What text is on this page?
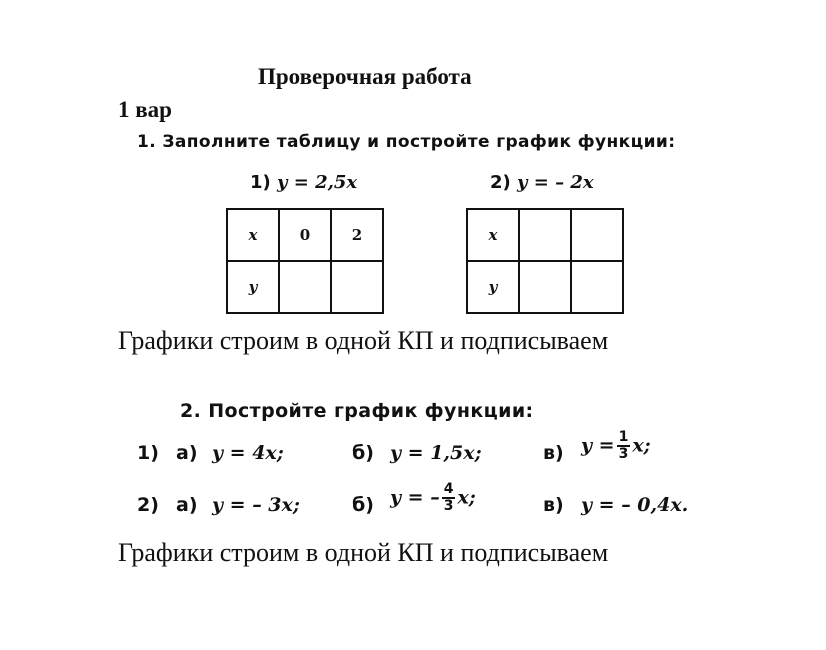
Проверочная работа
1 вар
1. Заполните таблицу и постройте график функции:
1) y = 2,5x	2) y = – 2x
x	0	2
y		
x		
y		
Графики строим в одной КП и подписываем
2. Постройте график функции:
1) а) y = 4x;	б) y = 1,5x;	в) $y = \frac{1}{3} x$;
2) а) y = – 3x;	б) y = – $\frac{4}{3} x$;	в) y = – 0,4x.
Графики строим в одной КП и подписываем
